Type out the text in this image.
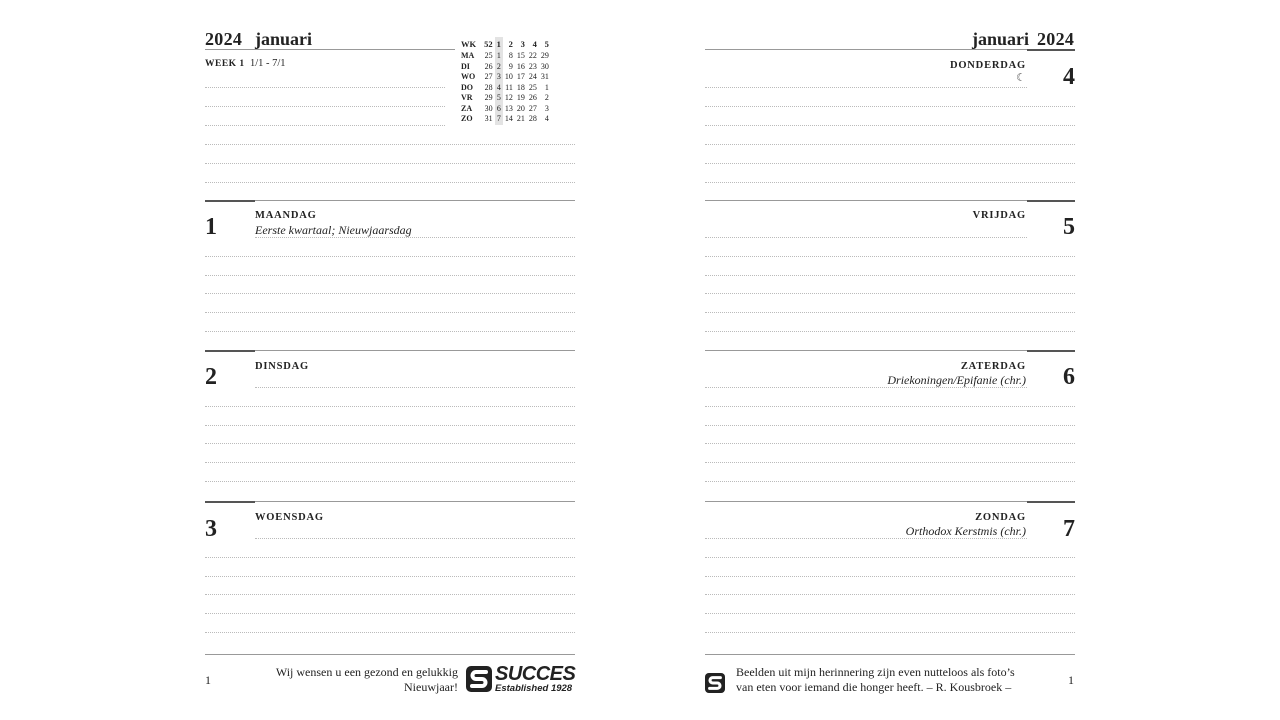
2024 januari
WEEK 1 1/1 - 7/1
WK	52	1	2	3	4	5
MA	25	1	8	15	22	29
DI	26	2	9	16	23	30
WO	27	3	10	17	24	31
DO	28	4	11	18	25	1
VR	29	5	12	19	26	2
ZA	30	6	13	20	27	3
ZO	31	7	14	21	28	4
1	MAANDAG
Eerste kwartaal; Nieuwjaarsdag
2	DINSDAG
3	WOENSDAG
1
Wij wensen u een gezond en gelukkig
Nieuwjaar!
SUCCES
Established 1928
januari 2024
DONDERDAG
☾	4
VRIJDAG	5
ZATERDAG
Driekoningen/Epifanie (chr.)	6
ZONDAG
Orthodox Kerstmis (chr.)	7
Beelden uit mijn herinnering zijn even nutteloos als foto’s
van eten voor iemand die honger heeft. – R. Kousbroek –	1
